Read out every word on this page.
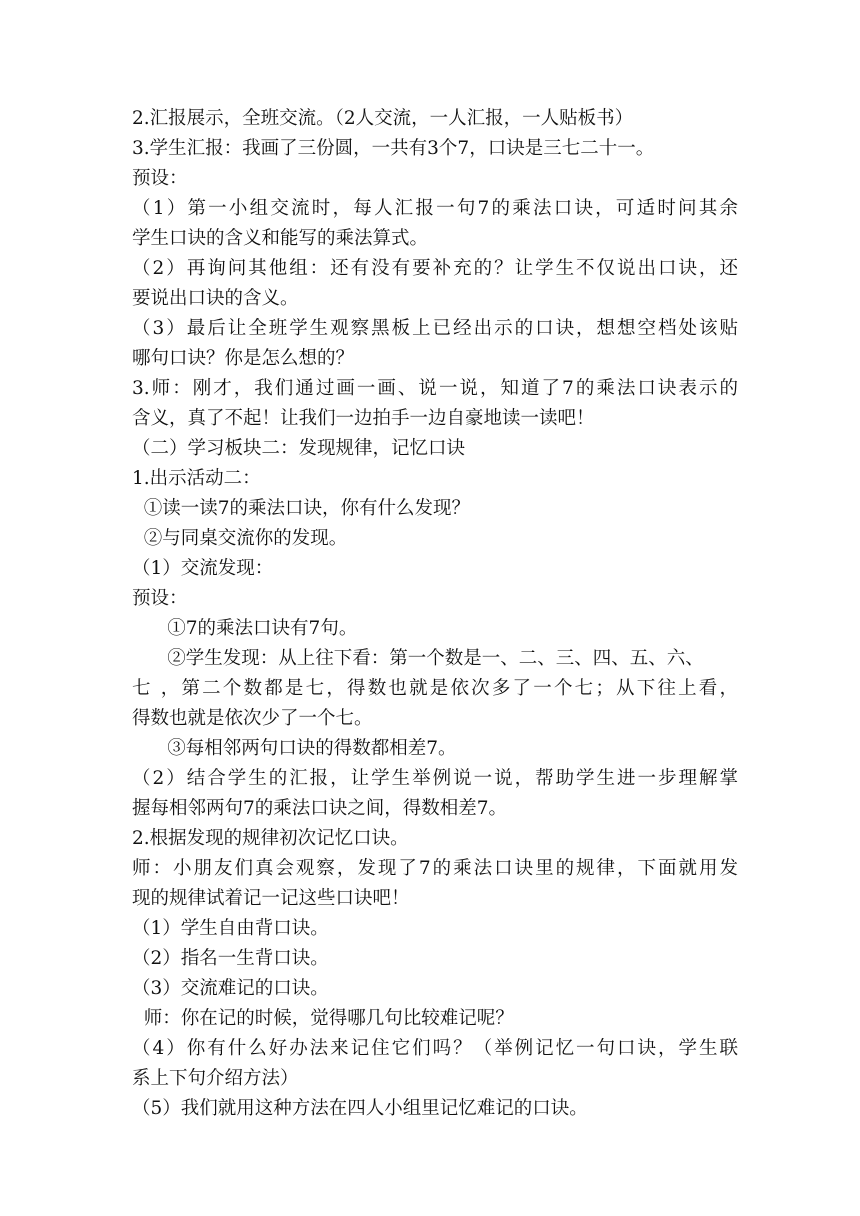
2.汇报展示，全班交流。（2人交流，一人汇报，一人贴板书）
3.学生汇报：我画了三份圆，一共有3个7，口诀是三七二十一。
预设：
（1）第一小组交流时，每人汇报一句7的乘法口诀，可适时问其余
学生口诀的含义和能写的乘法算式。
（2）再询问其他组：还有没有要补充的？让学生不仅说出口诀，还
要说出口诀的含义。
（3）最后让全班学生观察黑板上已经出示的口诀，想想空档处该贴
哪句口诀？你是怎么想的？
3.师：刚才，我们通过画一画、说一说，知道了7的乘法口诀表示的
含义，真了不起！让我们一边拍手一边自豪地读一读吧！
（二）学习板块二：发现规律，记忆口诀
1.出示活动二：
①读一读7的乘法口诀，你有什么发现？
②与同桌交流你的发现。
（1）交流发现：
预设：
①7的乘法口诀有7句。
②学生发现：从上往下看：第一个数是一、二、三、四、五、六、
七 ，第二个数都是七，得数也就是依次多了一个七；从下往上看，
得数也就是依次少了一个七。
③每相邻两句口诀的得数都相差7。
（2）结合学生的汇报，让学生举例说一说，帮助学生进一步理解掌
握每相邻两句7的乘法口诀之间，得数相差7。
2.根据发现的规律初次记忆口诀。
师：小朋友们真会观察，发现了7的乘法口诀里的规律，下面就用发
现的规律试着记一记这些口诀吧！
（1）学生自由背口诀。
（2）指名一生背口诀。
（3）交流难记的口诀。
师：你在记的时候，觉得哪几句比较难记呢？
（4）你有什么好办法来记住它们吗？（举例记忆一句口诀，学生联
系上下句介绍方法）
（5）我们就用这种方法在四人小组里记忆难记的口诀。
